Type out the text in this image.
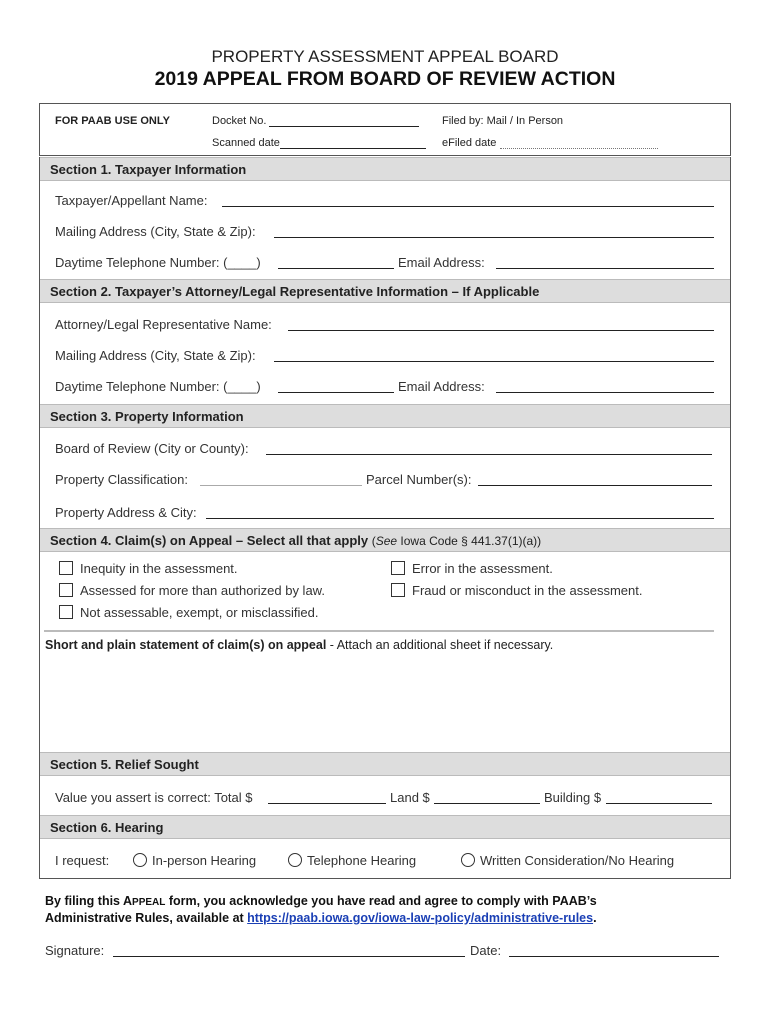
PROPERTY ASSESSMENT APPEAL BOARD
2019 APPEAL FROM BOARD OF REVIEW ACTION
FOR PAAB USE ONLY	Docket No.	Filed by: Mail / In Person
Scanned date	eFiled date
Section 1. Taxpayer Information
Taxpayer/Appellant Name:
Mailing Address (City, State & Zip):
Daytime Telephone Number: (____)	Email Address:
Section 2. Taxpayer’s Attorney/Legal Representative Information – If Applicable
Attorney/Legal Representative Name:
Mailing Address (City, State & Zip):
Daytime Telephone Number: (____)	Email Address:
Section 3. Property Information
Board of Review (City or County):
Property Classification:	Parcel Number(s):
Property Address & City:
Section 4. Claim(s) on Appeal – Select all that apply (See Iowa Code § 441.37(1)(a))
Inequity in the assessment.
Assessed for more than authorized by law.
Not assessable, exempt, or misclassified.
Error in the assessment.
Fraud or misconduct in the assessment.
Short and plain statement of claim(s) on appeal - Attach an additional sheet if necessary.
Section 5. Relief Sought
Value you assert is correct: Total $	Land $	Building $
Section 6. Hearing
I request:	In-person Hearing	Telephone Hearing	Written Consideration/No Hearing
By filing this APPEAL form, you acknowledge you have read and agree to comply with PAAB’s
Administrative Rules, available at https://paab.iowa.gov/iowa-law-policy/administrative-rules.
Signature:	Date:
